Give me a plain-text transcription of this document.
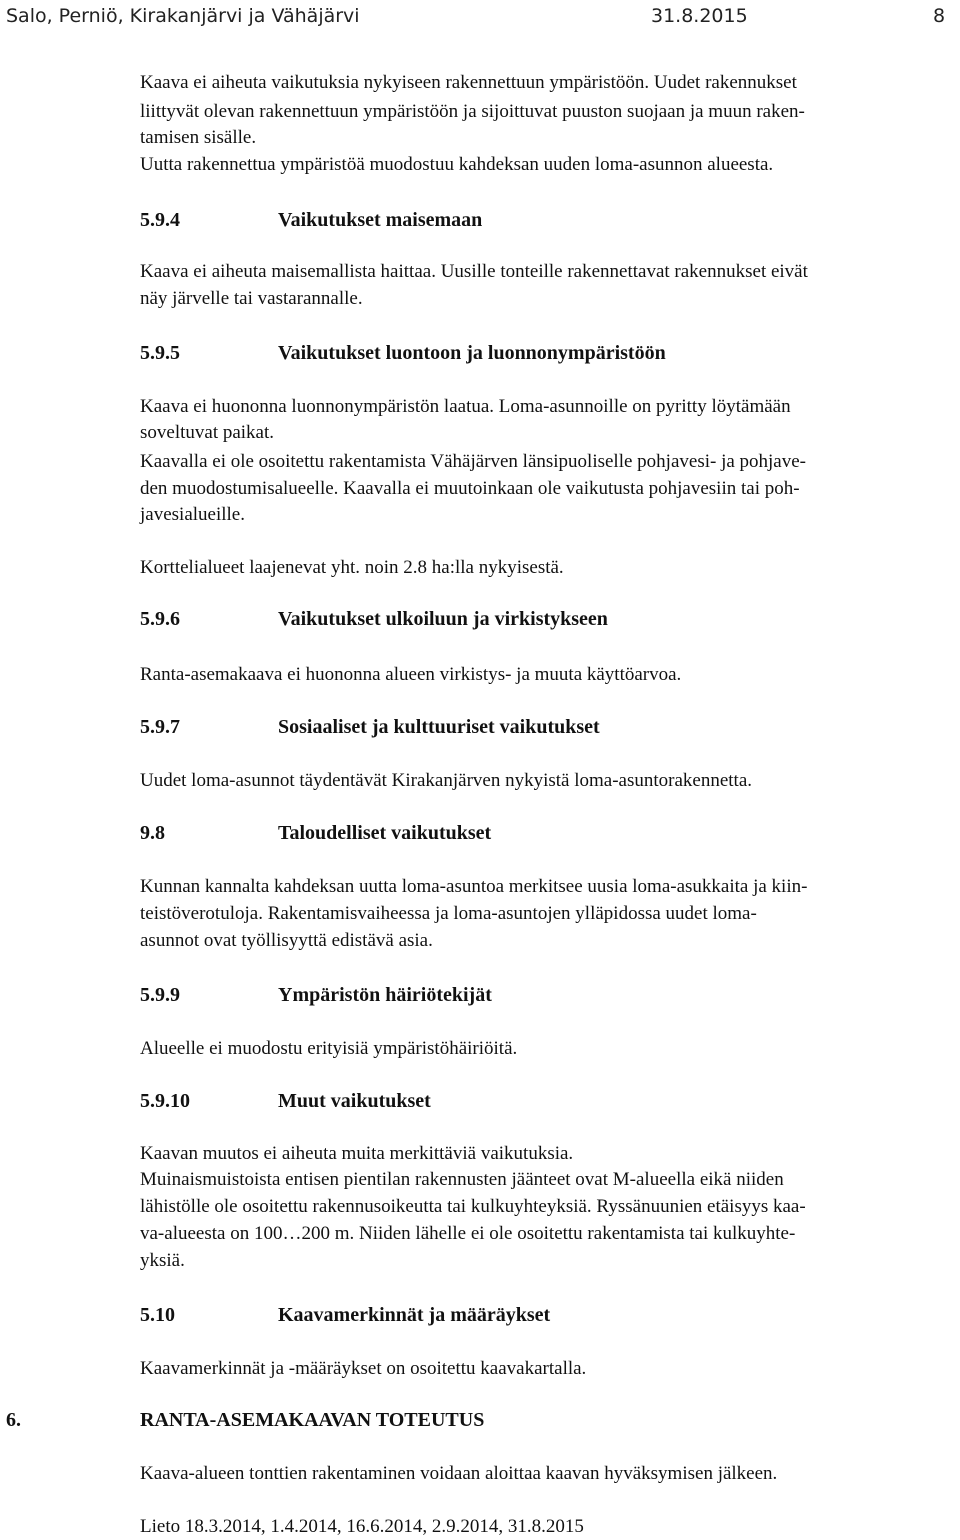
Salo, Perniö, Kirakanjärvi ja Vähäjärvi	31.8.2015	8
Kaava ei aiheuta vaikutuksia nykyiseen rakennettuun ympäristöön. Uudet rakennukset
liittyvät olevan rakennettuun ympäristöön ja sijoittuvat puuston suojaan ja muun raken-
tamisen sisälle.
Uutta rakennettua ympäristöä muodostuu kahdeksan uuden loma-asunnon alueesta.
5.9.4	Vaikutukset maisemaan
Kaava ei aiheuta maisemallista haittaa. Uusille tonteille rakennettavat rakennukset eivät
näy järvelle tai vastarannalle.
5.9.5	Vaikutukset luontoon ja luonnonympäristöön
Kaava ei huononna luonnonympäristön laatua. Loma-asunnoille on pyritty löytämään
soveltuvat paikat.
Kaavalla ei ole osoitettu rakentamista Vähäjärven länsipuoliselle pohjavesi- ja pohjave-
den muodostumisalueelle. Kaavalla ei muutoinkaan ole vaikutusta pohjavesiin tai poh-
javesialueille.
Korttelialueet laajenevat yht. noin 2.8 ha:lla nykyisestä.
5.9.6	Vaikutukset ulkoiluun ja virkistykseen
Ranta-asemakaava ei huononna alueen virkistys- ja muuta käyttöarvoa.
5.9.7	Sosiaaliset ja kulttuuriset vaikutukset
Uudet loma-asunnot täydentävät Kirakanjärven nykyistä loma-asuntorakennetta.
9.8	Taloudelliset vaikutukset
Kunnan kannalta kahdeksan uutta loma-asuntoa merkitsee uusia loma-asukkaita ja kiin-
teistöverotuloja. Rakentamisvaiheessa ja loma-asuntojen ylläpidossa uudet loma-
asunnot ovat työllisyyttä edistävä asia.
5.9.9	Ympäristön häiriötekijät
Alueelle ei muodostu erityisiä ympäristöhäiriöitä.
5.9.10	Muut vaikutukset
Kaavan muutos ei aiheuta muita merkittäviä vaikutuksia.
Muinaismuistoista entisen pientilan rakennusten jäänteet ovat M-alueella eikä niiden
lähistölle ole osoitettu rakennusoikeutta tai kulkuyhteyksiä. Ryssänuunien etäisyys kaa-
va-alueesta on 100…200 m. Niiden lähelle ei ole osoitettu rakentamista tai kulkuyhte-
yksiä.
5.10	Kaavamerkinnät ja määräykset
Kaavamerkinnät ja -määräykset on osoitettu kaavakartalla.
6.	RANTA-ASEMAKAAVAN TOTEUTUS
Kaava-alueen tonttien rakentaminen voidaan aloittaa kaavan hyväksymisen jälkeen.
Lieto 18.3.2014, 1.4.2014, 16.6.2014, 2.9.2014, 31.8.2015
